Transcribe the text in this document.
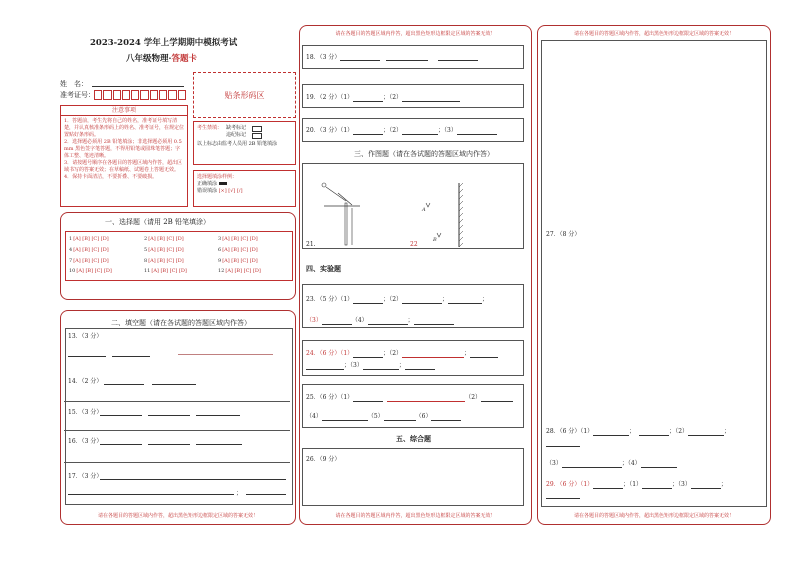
2023-2024 学年上学期期中模拟考试
八年级物理·答题卡
姓　名：
准考证号：
注意事项
1．答题前，考生先将自己的姓名，准考证号填写清楚，并认真核准条形码上的姓名、准考证号，在规定位置贴好条形码。
2．选择题必须用 2B 铅笔填涂；非选择题必须用 0.5 mm 黑色签字笔答题，不得用铅笔或圆珠笔答题；字体工整、笔迹清晰。
3．请按题号顺序在各题目的答题区域内作答，超出区域书写的答案无效；在草稿纸、试题卷上答题无效。
4．保持卡面清洁，不要折叠、不要破损。
贴条形码区
考生禁填： 缺考标记
违纪标记
以上标志由监考人员用 2B 铅笔填涂
选择题填涂样例：
正确填涂
错误填涂 [×] [√] [/]
一、选择题（请用 2B 铅笔填涂）
1[A] [B] [C] [D]	2[A] [B] [C] [D]	3[A] [B] [C] [D]
4[A] [B] [C] [D]	5[A] [B] [C] [D]	6[A] [B] [C] [D]
7[A] [B] [C] [D]	8[A] [B] [C] [D]	9[A] [B] [C] [D]
10[A] [B] [C] [D]	11[A] [B] [C] [D]	12[A] [B] [C] [D]
二、填空题（请在各试题的答题区域内作答）
13．（3 分）
14．（2 分）
15．（3 分）
16．（3 分）
17．（3 分）
；
请在各题目的答题区域内作答，超出黑色矩形边框限定区域的答案无效！
请在各题目的答题区域内作答，超出黑色矩形边框限定区域的答案无效！
18．（3 分）
19．（2 分）（1）	；（2）
20．（3 分）（1）	；（2）	；（3）
三、作图题（请在各试题的答题区域内作答）
A
B
21.	22
四、实验题
23．（5 分）（1）	；（2）	；	；
（3）	（4）	；
24．（6 分）（1）	；（2）	；
；（3）	；
25．（6 分）（1）	（2）
（4）	（5）	（6）
五、综合题
26．（9 分）
请在各题目的答题区域内作答，超出黑色矩形边框限定区域的答案无效！
请在各题目的答题区域内作答，超出黑色矩形边框限定区域的答案无效！
27．（8 分）
28．（6 分）（1）	；	；（2）	；
（3）	；（4）
29．（6 分）（1）	；（1）	；（3）	；
请在各题目的答题区域内作答，超出黑色矩形边框限定区域的答案无效！
